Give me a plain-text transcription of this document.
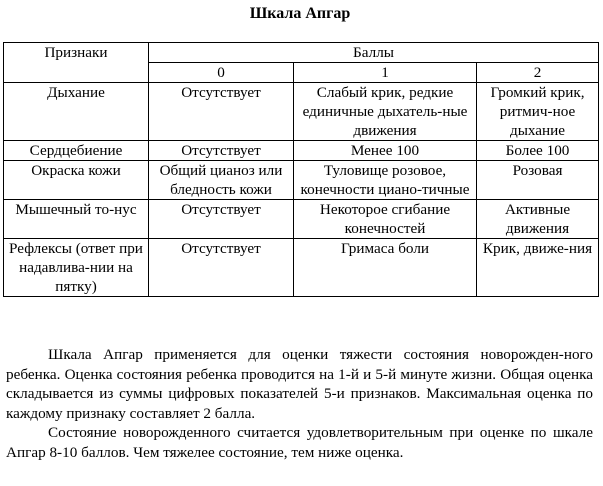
Шкала Апгар
Признаки	Баллы		
	0	1	2
Дыхание	Отсутствует	Слабый крик, редкие единичные дыхатель-ные движения	Громкий крик, ритмич-ное дыхание
Сердцебиение	Отсутствует	Менее 100	Более 100
Окраска кожи	Общий цианоз или бледность кожи	Туловище розовое, конечности циано-тичные	Розовая
Мышечный то-нус	Отсутствует	Некоторое сгибание конечностей	Активные движения
Рефлексы (ответ при надавлива-нии на пятку)	Отсутствует	Гримаса боли	Крик, движе-ния

Шкала Апгар применяется для оценки тяжести состояния новорожден-ного ребенка. Оценка состояния ребенка проводится на 1-й и 5-й минуте жизни. Общая оценка складывается из суммы цифровых показателей 5-и признаков. Максимальная оценка по каждому признаку составляет 2 балла.

Состояние новорожденного считается удовлетворительным при оценке по шкале Апгар 8-10 баллов. Чем тяжелее состояние, тем ниже оценка.
